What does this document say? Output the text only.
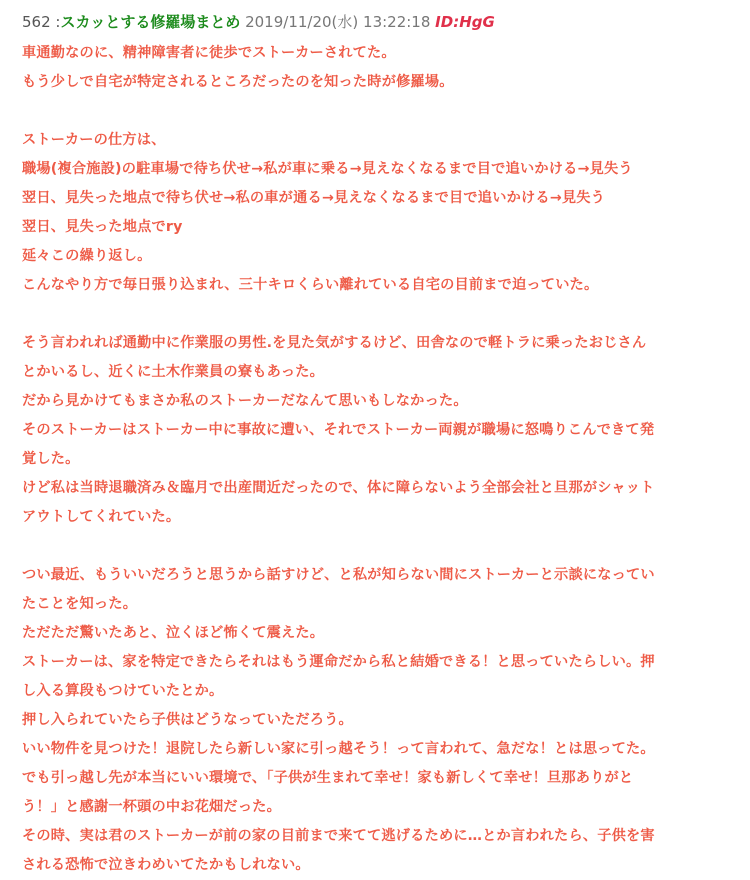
562 :スカッとする修羅場まとめ 2019/11/20(水) 13:22:18 ID:HgG
車通勤なのに、精神障害者に徒歩でストーカーされてた。
もう少しで自宅が特定されるところだったのを知った時が修羅場。
ストーカーの仕方は、
職場(複合施設)の駐車場で待ち伏せ→私が車に乗る→見えなくなるまで目で追いかける→見失う
翌日、見失った地点で待ち伏せ→私の車が通る→見えなくなるまで目で追いかける→見失う
翌日、見失った地点でry
延々この繰り返し。
こんなやり方で毎日張り込まれ、三十キロくらい離れている自宅の目前まで迫っていた。
そう言われれば通勤中に作業服の男性.を見た気がするけど、田舎なので軽トラに乗ったおじさん
とかいるし、近くに土木作業員の寮もあった。
だから見かけてもまさか私のストーカーだなんて思いもしなかった。
そのストーカーはストーカー中に事故に遭い、それでストーカー両親が職場に怒鳴りこんできて発
覚した。
けど私は当時退職済み＆臨月で出産間近だったので、体に障らないよう全部会社と旦那がシャット
アウトしてくれていた。
つい最近、もういいだろうと思うから話すけど、と私が知らない間にストーカーと示談になってい
たことを知った。
ただただ驚いたあと、泣くほど怖くて震えた。
ストーカーは、家を特定できたらそれはもう運命だから私と結婚できる！と思っていたらしい。押
し入る算段もつけていたとか。
押し入られていたら子供はどうなっていただろう。
いい物件を見つけた！退院したら新しい家に引っ越そう！って言われて、急だな！とは思ってた。
でも引っ越し先が本当にいい環境で、「子供が生まれて幸せ！家も新しくて幸せ！旦那ありがと
う！」と感謝一杯頭の中お花畑だった。
その時、実は君のストーカーが前の家の目前まで来てて逃げるために…とか言われたら、子供を害
される恐怖で泣きわめいてたかもしれない。
